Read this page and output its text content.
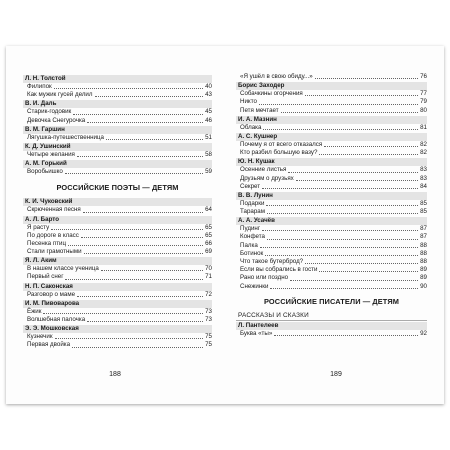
Л. Н. Толстой
Филипок	40
Как мужик гусей делил	43
В. И. Даль
Старик-годовик	45
Девочка Снегурочка	46
В. М. Гаршин
Лягушка-путешественница	51
К. Д. Ушинский
Четыре желания	58
А. М. Горький
Воробьишко	59
РОССИЙСКИЕ ПОЭТЫ — ДЕТЯМ
К. И. Чуковский
Скрюченная песня	64
А. Л. Барто
Я расту	65
По дороге в класс	65
Песенка птиц	66
Стали грамотными	69
Я. Л. Аким
В нашем классе ученица	70
Первый снег	71
Н. П. Саконская
Разговор о маме	72
И. М. Пивоварова
Ёжик	73
Волшебная палочка	73
Э. Э. Мошковская
Кузнечик	75
Первая двойка	75
188
«Я ушёл в свою обиду...»	76
Борис Заходер
Собачкины огорчения	77
Никто	79
Петя мечтает	80
И. А. Мазнин
Облака	81
А. С. Кушнер
Почему я от всего отказался	82
Кто разбил большую вазу?	82
Ю. Н. Кушак
Осенние листья	83
Друзьям о друзьях	83
Секрет	84
В. В. Лунин
Подарки	85
Тарарам	85
А. А. Усачёв
Пудинг	87
Конфета	87
Палка	88
Ботинок	88
Что такое бутерброд?	88
Если вы собрались в гости	89
Рано или поздно	89
Снежинки	90
РОССИЙСКИЕ ПИСАТЕЛИ — ДЕТЯМ
РАССКАЗЫ И СКАЗКИ
Л. Пантелеев
Буква «ты»	92
189
